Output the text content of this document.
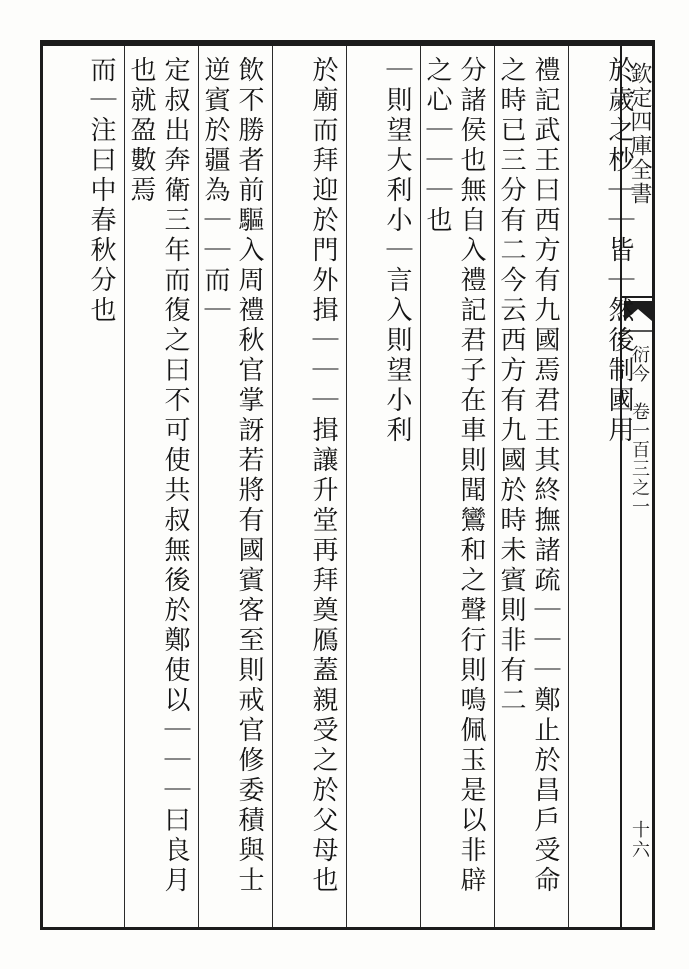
欽定四庫全書
衍今　卷一百三之一
十六
於歲之杪｜｜皆｜然後制國用
禮記武王曰西方有九國焉君王其終撫諸疏｜｜｜鄭止於昌戶受命之時已三分有二今云西方有九國於時未賓則非有二
分諸侯也無自入禮記君子在車則聞鸞和之聲行則鳴佩玉是以非辟之心｜｜｜也
｜則望大利小｜言入則望小利
於廟而拜迎於門外揖｜｜｜揖讓升堂再拜奠鴈蓋親受之於父母也
飲不勝者前驅入周禮秋官掌訝若將有國賓客至則戒官修委積與士逆賓於疆為｜｜而｜
定叔出奔衛三年而復之曰不可使共叔無後於鄭使以｜｜｜曰良月也就盈數焉
而｜注曰中春秋分也
